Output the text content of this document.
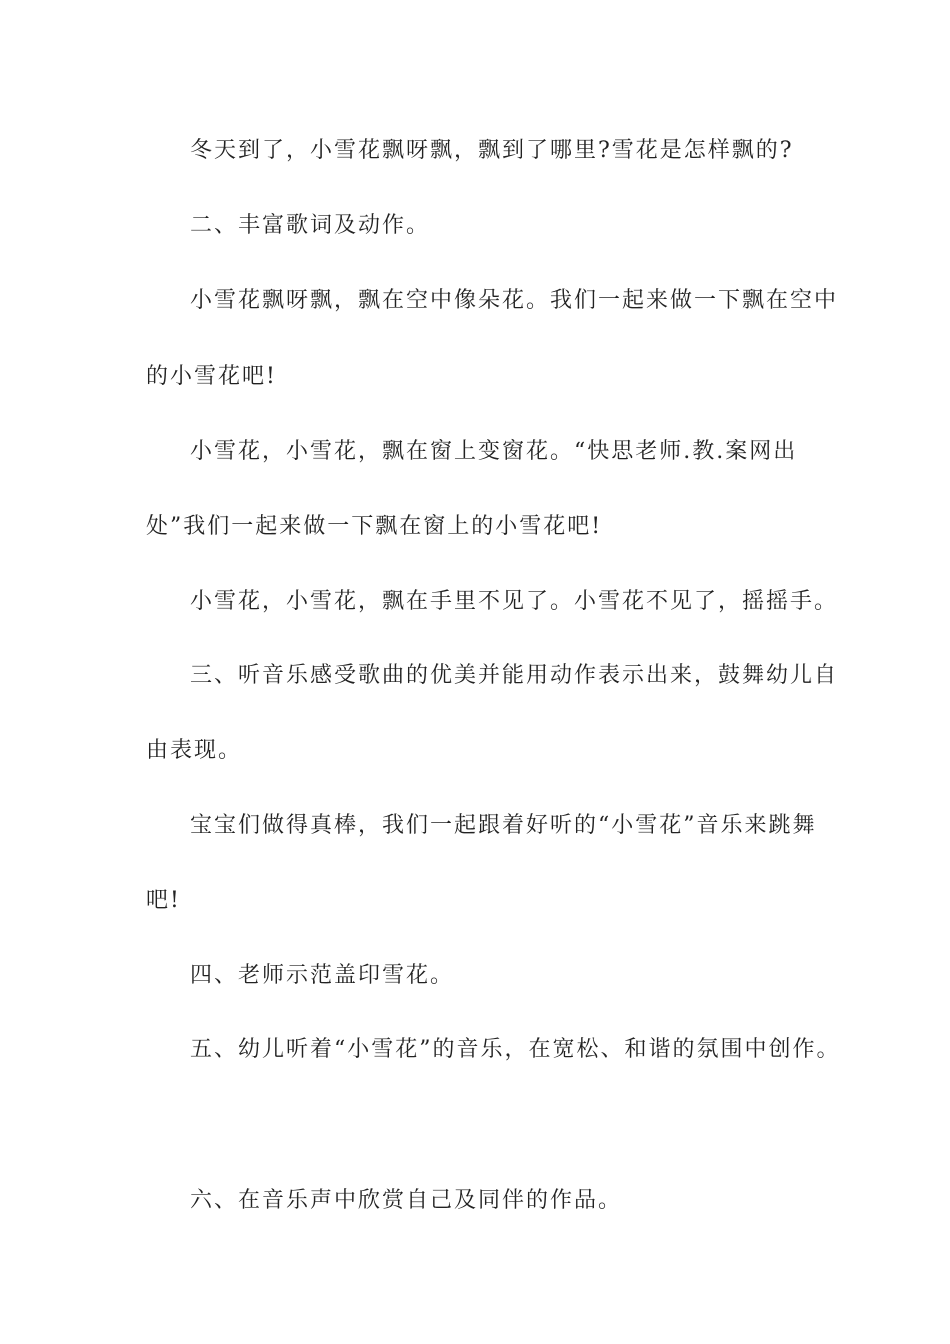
冬天到了，小雪花飘呀飘，飘到了哪里?雪花是怎样飘的?
二、丰富歌词及动作。
小雪花飘呀飘，飘在空中像朵花。我们一起来做一下飘在空中
的小雪花吧!
小雪花，小雪花，飘在窗上变窗花。“快思老师.教.案网出
处”我们一起来做一下飘在窗上的小雪花吧!
小雪花，小雪花，飘在手里不见了。小雪花不见了，摇摇手。
三、听音乐感受歌曲的优美并能用动作表示出来，鼓舞幼儿自
由表现。
宝宝们做得真棒，我们一起跟着好听的“小雪花”音乐来跳舞
吧!
四、老师示范盖印雪花。
五、幼儿听着“小雪花”的音乐，在宽松、和谐的氛围中创作。
六、在音乐声中欣赏自己及同伴的作品。
